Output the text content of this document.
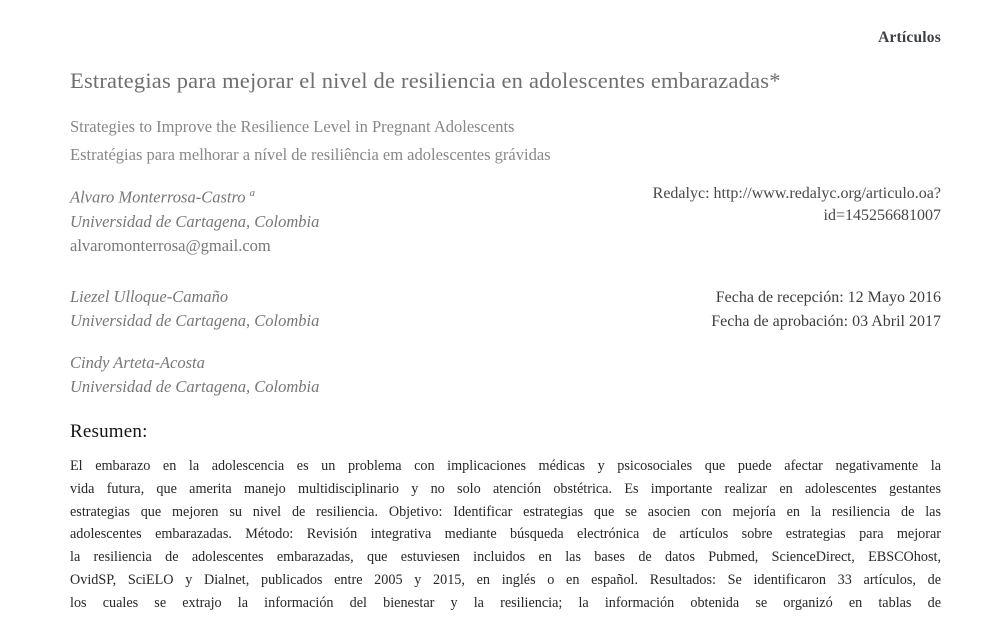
Artículos
Estrategias para mejorar el nivel de resiliencia en adolescentes embarazadas*
Strategies to Improve the Resilience Level in Pregnant Adolescents
Estratégias para melhorar a nível de resiliência em adolescentes grávidas
Alvaro Monterrosa-Castro $^a$
Universidad de Cartagena, Colombia
alvaromonterrosa@gmail.com
Liezel Ulloque-Camaño
Universidad de Cartagena, Colombia
Cindy Arteta-Acosta
Universidad de Cartagena, Colombia
Redalyc: http://www.redalyc.org/articulo.oa?
id=145256681007
Fecha de recepción: 12 Mayo 2016
Fecha de aprobación: 03 Abril 2017
Resumen:
El embarazo en la adolescencia es un problema con implicaciones médicas y psicosociales que puede afectar negativamente la
vida futura, que amerita manejo multidisciplinario y no solo atención obstétrica. Es importante realizar en adolescentes gestantes
estrategias que mejoren su nivel de resiliencia. Objetivo: Identificar estrategias que se asocien con mejoría en la resiliencia de las
adolescentes embarazadas. Método: Revisión integrativa mediante búsqueda electrónica de artículos sobre estrategias para mejorar
la resiliencia de adolescentes embarazadas, que estuviesen incluidos en las bases de datos Pubmed, ScienceDirect, EBSCOhost,
OvidSP, SciELO y Dialnet, publicados entre 2005 y 2015, en inglés o en español. Resultados: Se identificaron 33 artículos, de
los cuales se extrajo la información del bienestar y la resiliencia; la información obtenida se organizó en tablas de
